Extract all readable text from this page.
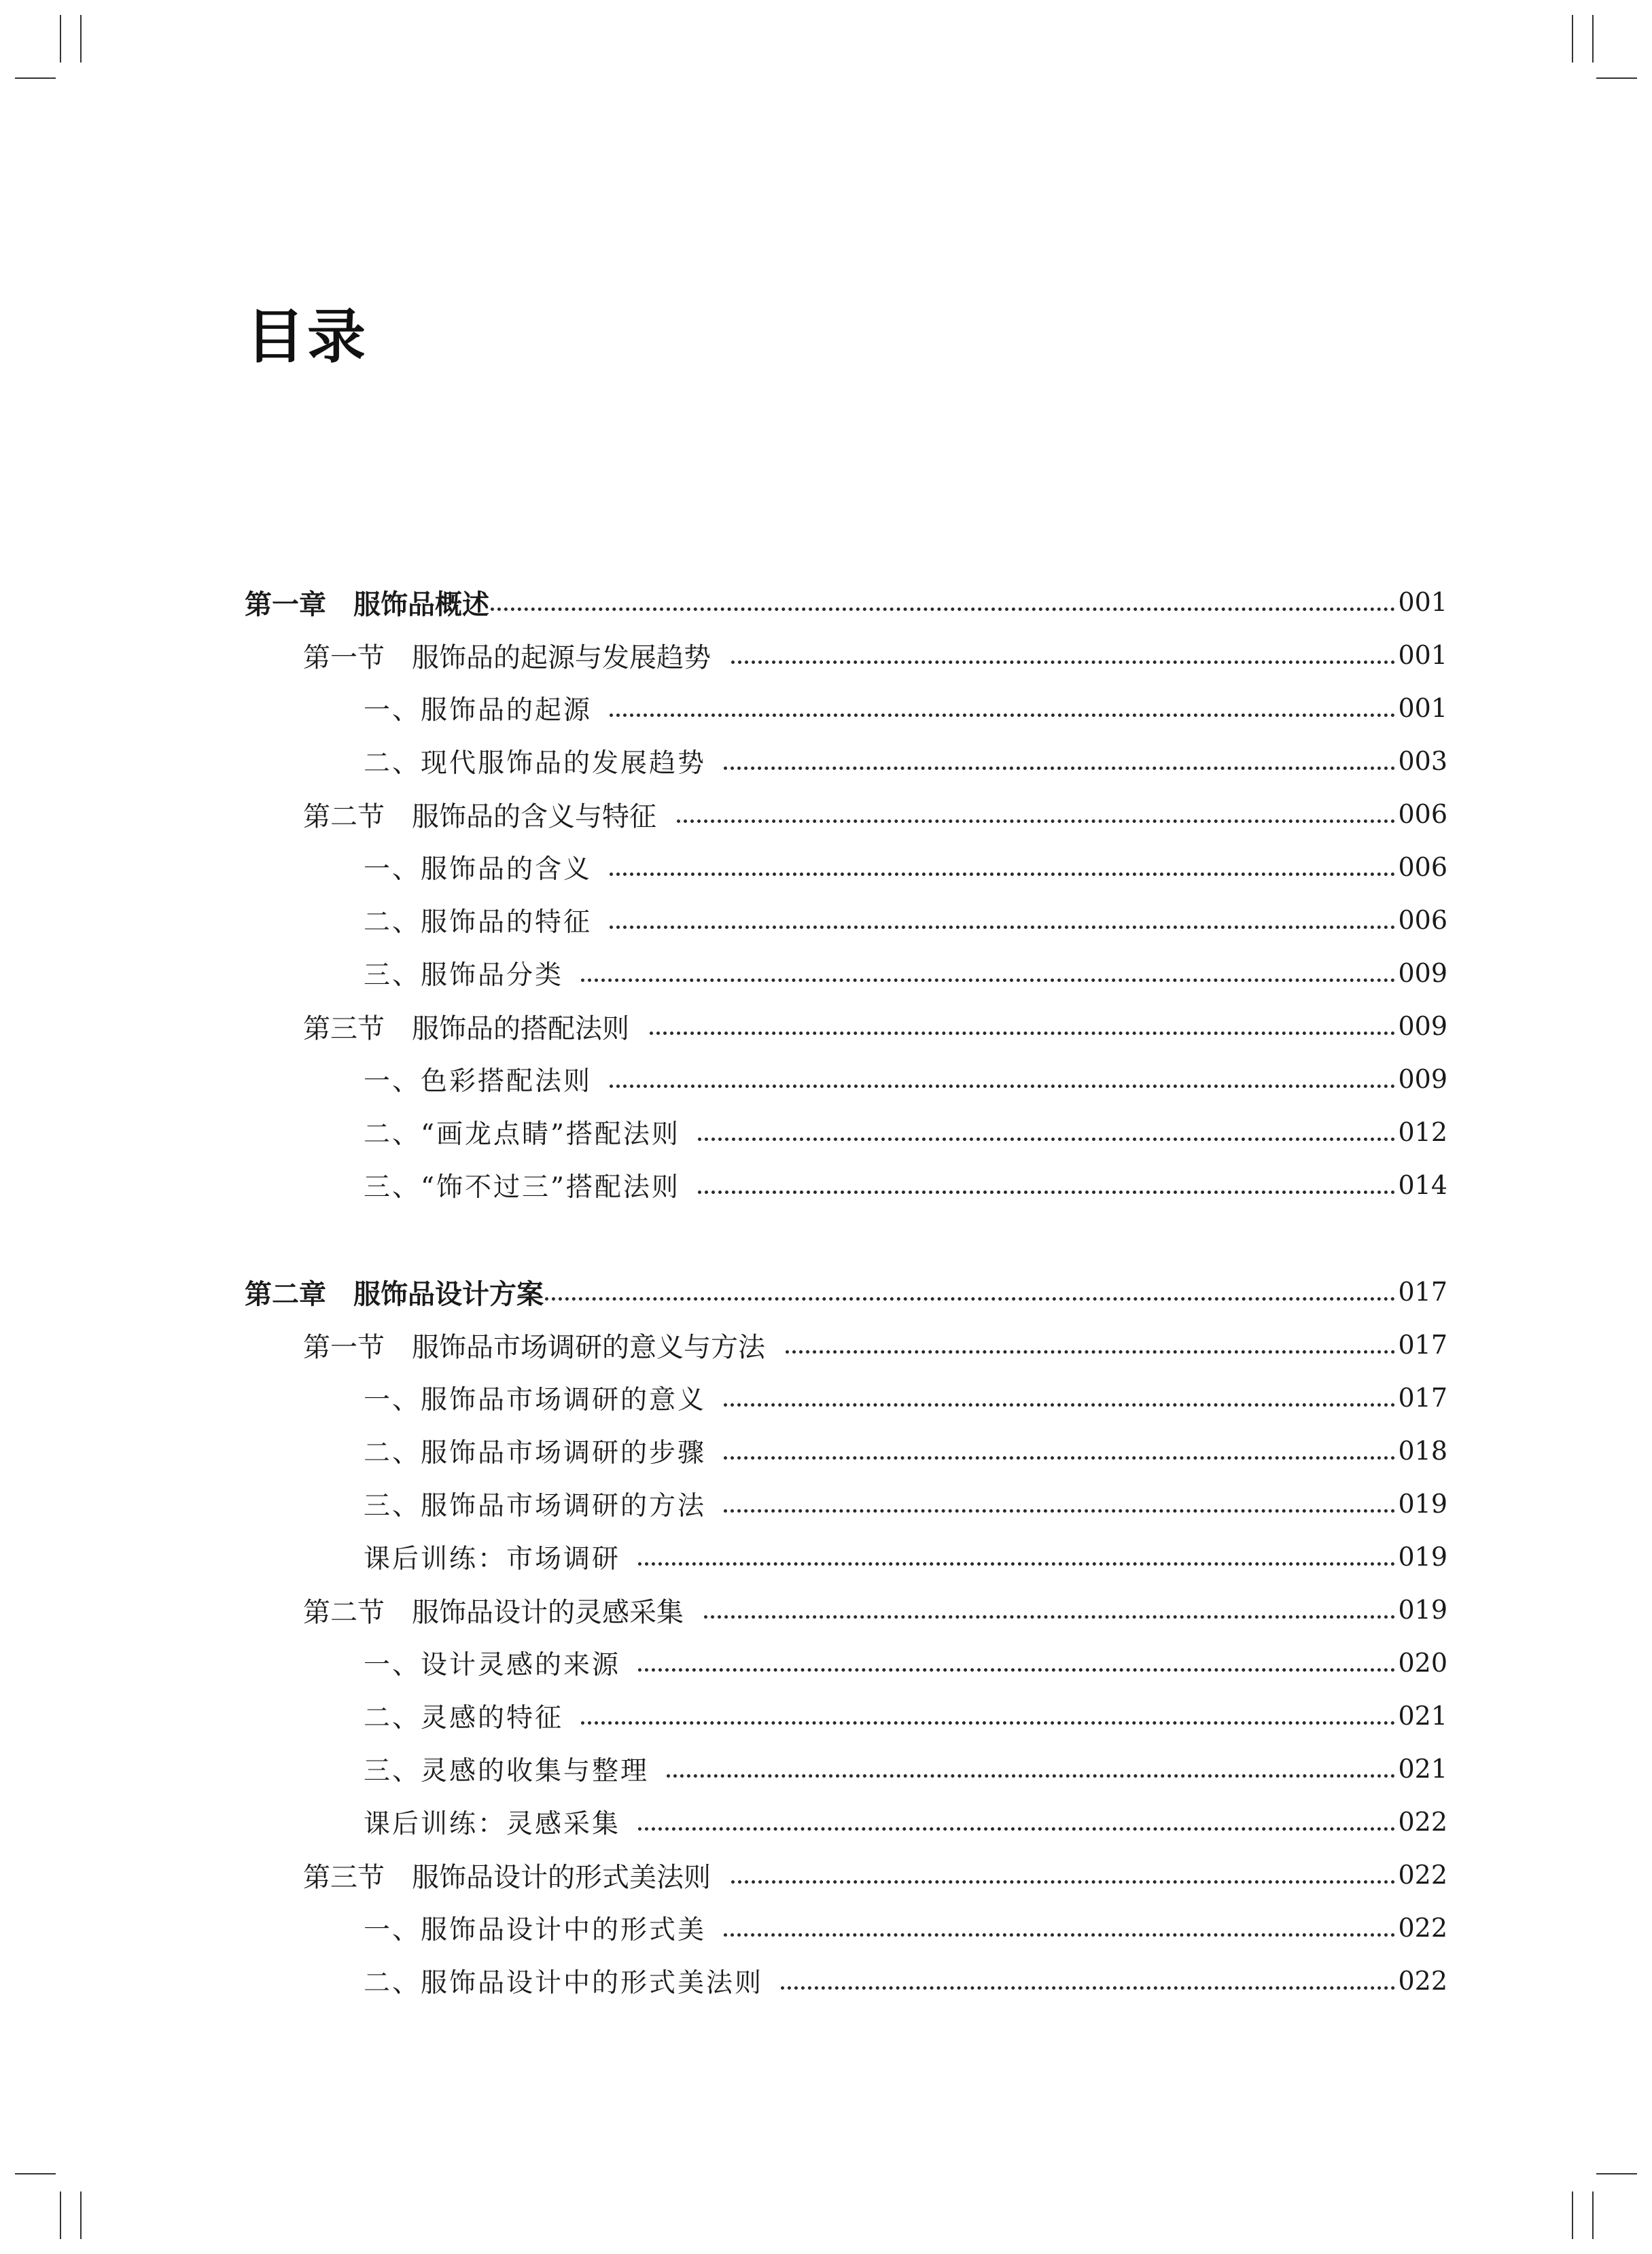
目录
第一章　服饰品概述	001
第一节　服饰品的起源与发展趋势	001
一、服饰品的起源	001
二、现代服饰品的发展趋势	003
第二节　服饰品的含义与特征	006
一、服饰品的含义	006
二、服饰品的特征	006
三、服饰品分类	009
第三节　服饰品的搭配法则	009
一、色彩搭配法则	009
二、“画龙点睛”搭配法则	012
三、“饰不过三”搭配法则	014
第二章　服饰品设计方案	017
第一节　服饰品市场调研的意义与方法	017
一、服饰品市场调研的意义	017
二、服饰品市场调研的步骤	018
三、服饰品市场调研的方法	019
课后训练：市场调研	019
第二节　服饰品设计的灵感采集	019
一、设计灵感的来源	020
二、灵感的特征	021
三、灵感的收集与整理	021
课后训练：灵感采集	022
第三节　服饰品设计的形式美法则	022
一、服饰品设计中的形式美	022
二、服饰品设计中的形式美法则	022
